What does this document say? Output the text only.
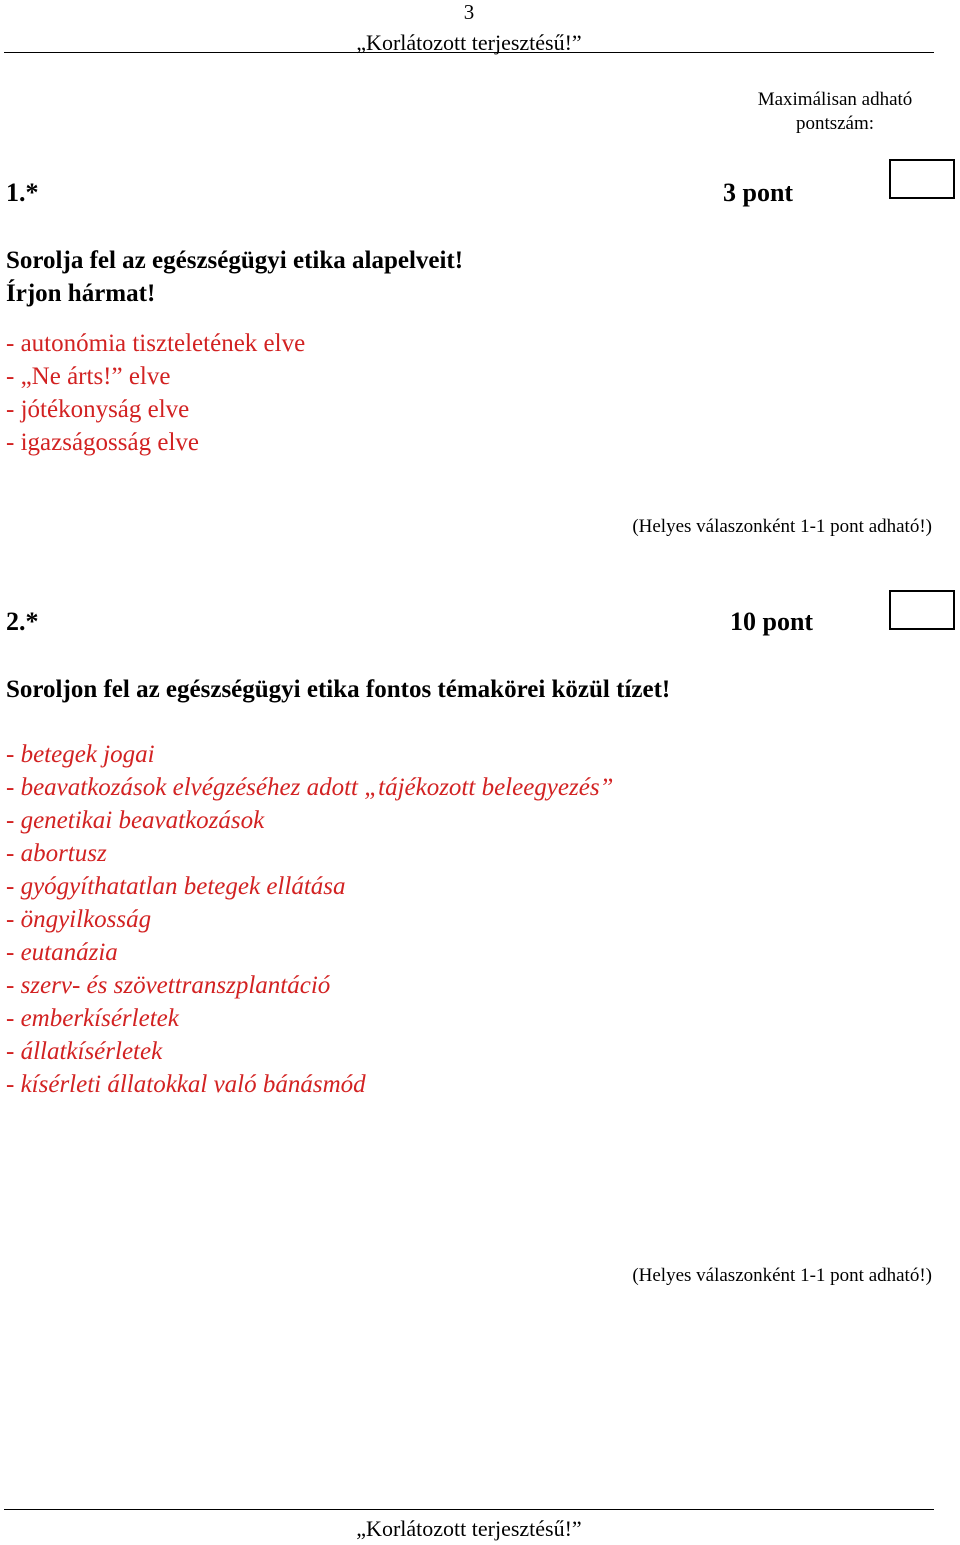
3
„Korlátozott terjesztésű!”
Maximálisan adható pontszám:
1.*	3 pont
Sorolja fel az egészségügyi etika alapelveit!
Írjon hármat!
- autonómia tiszteletének elve
- „Ne árts!” elve
- jótékonyság elve
- igazságosság elve
(Helyes válaszonként 1-1 pont adható!)
2.*	10 pont
Soroljon fel az egészségügyi etika fontos témakörei közül tízet!
- betegek jogai
- beavatkozások elvégzéséhez adott „tájékozott beleegyezés”
- genetikai beavatkozások
- abortusz
- gyógyíthatatlan betegek ellátása
- öngyilkosság
- eutanázia
- szerv- és szövettranszplantáció
- emberkísérletek
- állatkísérletek
- kísérleti állatokkal való bánásmód
(Helyes válaszonként 1-1 pont adható!)
„Korlátozott terjesztésű!”
